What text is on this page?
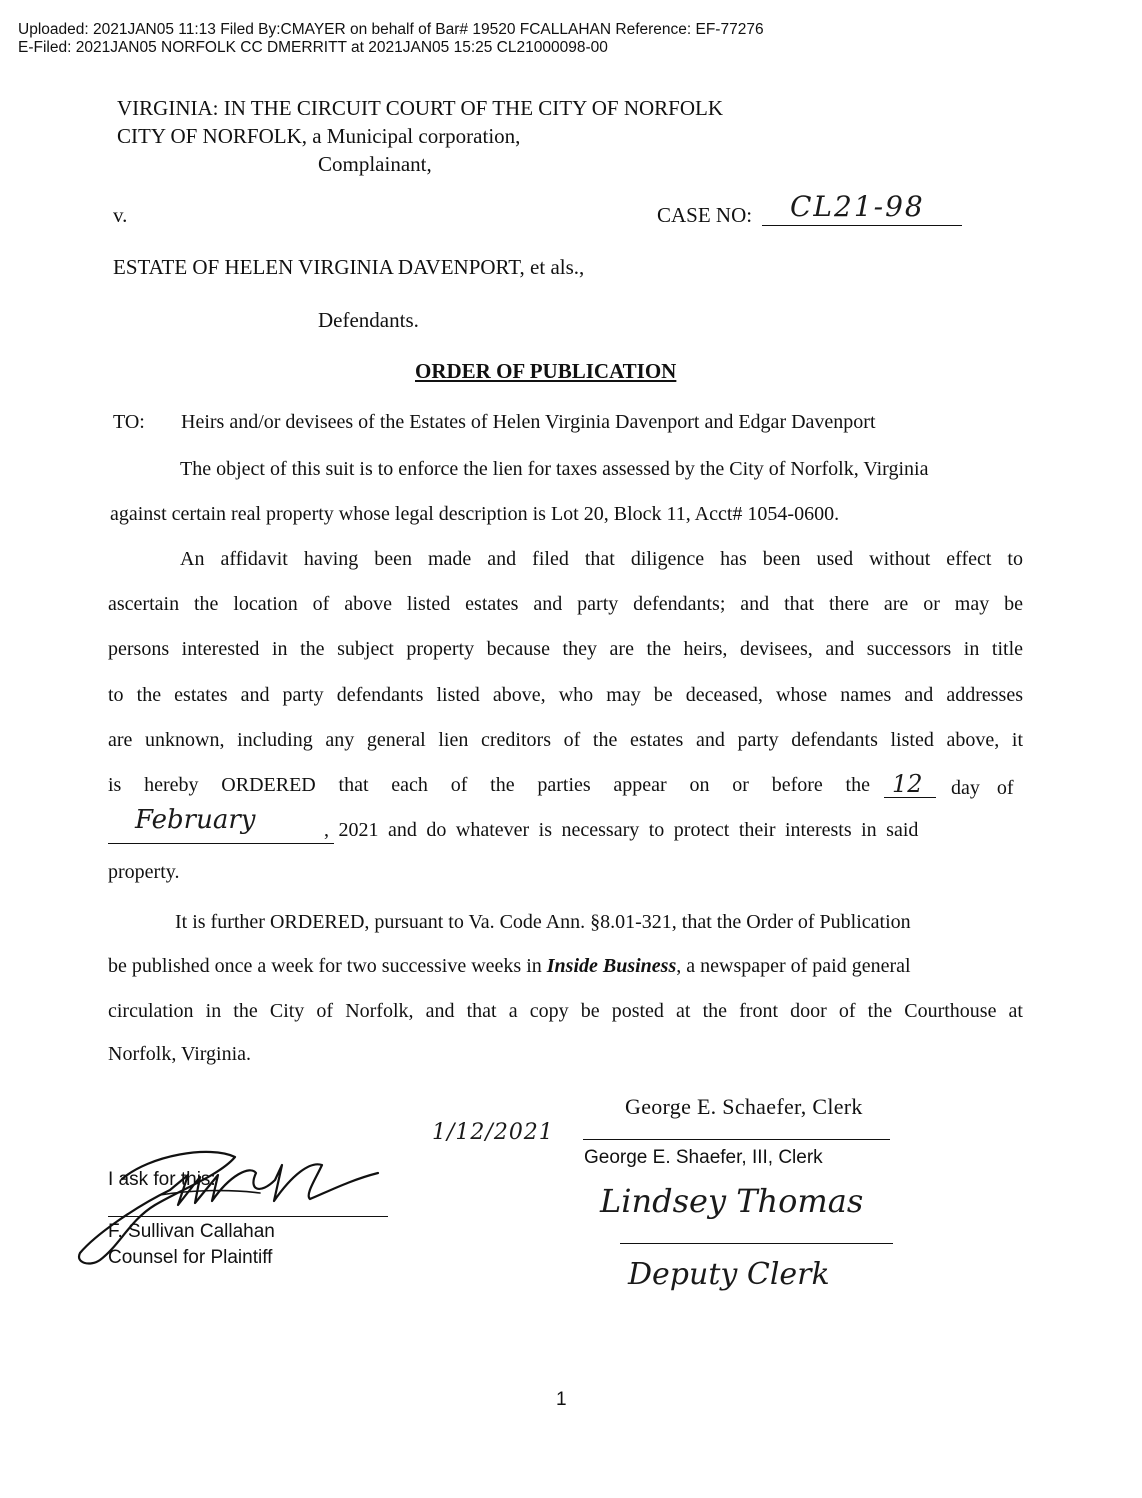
Uploaded: 2021JAN05 11:13 Filed By:CMAYER on behalf of Bar# 19520 FCALLAHAN Reference: EF-77276
E-Filed: 2021JAN05 NORFOLK CC DMERRITT at 2021JAN05 15:25 CL21000098-00
VIRGINIA: IN THE CIRCUIT COURT OF THE CITY OF NORFOLK
CITY OF NORFOLK, a Municipal corporation,
Complainant,
v.	CASE NO: CL21-98
ESTATE OF HELEN VIRGINIA DAVENPORT, et als.,
Defendants.
ORDER OF PUBLICATION
TO: Heirs and/or devisees of the Estates of Helen Virginia Davenport and Edgar Davenport
The object of this suit is to enforce the lien for taxes assessed by the City of Norfolk, Virginia
against certain real property whose legal description is Lot 20, Block 11, Acct# 1054-0600.
An affidavit having been made and filed that diligence has been used without effect to
ascertain the location of above listed estates and party defendants; and that there are or may be
persons interested in the subject property because they are the heirs, devisees, and successors in title
to the estates and party defendants listed above, who may be deceased, whose names and addresses
are unknown, including any general lien creditors of the estates and party defendants listed above, it
is hereby ORDERED that each of the parties appear on or before the 12 day of
February	, 2021 and do whatever is necessary to protect their interests in said
property.
It is further ORDERED, pursuant to Va. Code Ann. §8.01-321, that the Order of Publication
be published once a week for two successive weeks in Inside Business, a newspaper of paid general
circulation in the City of Norfolk, and that a copy be posted at the front door of the Courthouse at
Norfolk, Virginia.
George E. Schaefer, Clerk
George E. Shaefer, III, Clerk
1/12/2021
Lindsey Thomas
Deputy Clerk
I ask for this:
F. Sullivan Callahan
Counsel for Plaintiff
1
